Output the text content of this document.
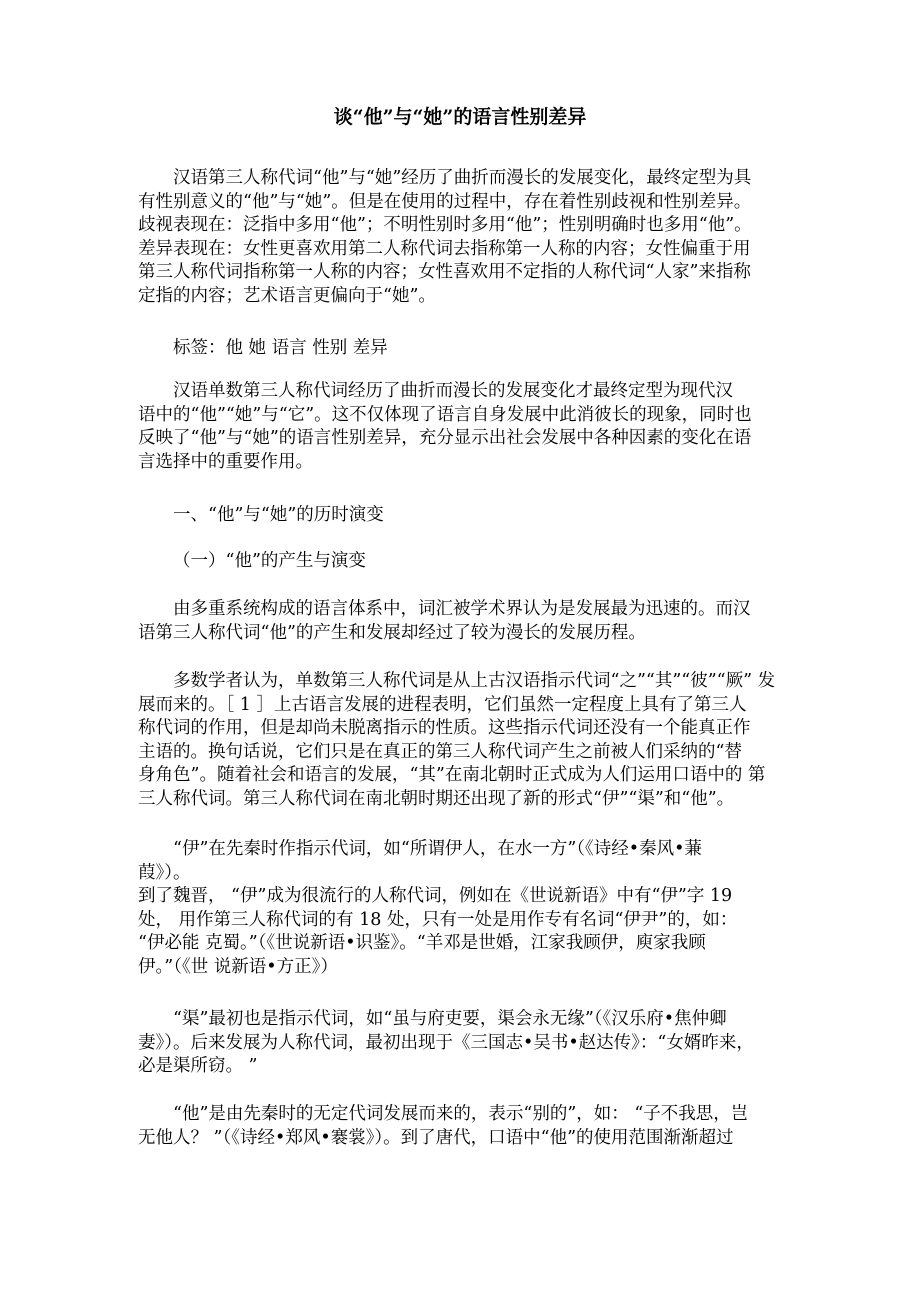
谈“他”与“她”的语言性别差异
汉语第三人称代词“他”与“她”经历了曲折而漫长的发展变化，最终定型为具
有性别意义的“他”与“她”。但是在使用的过程中，存在着性别歧视和性别差异。
歧视表现在：泛指中多用“他”；不明性别时多用“他”；性别明确时也多用“他”。
差异表现在：女性更喜欢用第二人称代词去指称第一人称的内容；女性偏重于用
第三人称代词指称第一人称的内容；女性喜欢用不定指的人称代词“人家”来指称
定指的内容；艺术语言更偏向于“她”。
标签：他 她 语言 性别 差异
汉语单数第三人称代词经历了曲折而漫长的发展变化才最终定型为现代汉
语中的“他”“她”与“它”。这不仅体现了语言自身发展中此消彼长的现象，同时也
反映了“他”与“她”的语言性别差异，充分显示出社会发展中各种因素的变化在语
言选择中的重要作用。
一、“他”与“她”的历时演变
（一）“他”的产生与演变
由多重系统构成的语言体系中，词汇被学术界认为是发展最为迅速的。而汉
语第三人称代词“他”的产生和发展却经过了较为漫长的发展历程。
多数学者认为，单数第三人称代词是从上古汉语指示代词“之”“其”“彼”“厥” 发
展而来的。［ 1 ］上古语言发展的进程表明，它们虽然一定程度上具有了第三人
称代词的作用，但是却尚未脱离指示的性质。这些指示代词还没有一个能真正作
主语的。换句话说，它们只是在真正的第三人称代词产生之前被人们采纳的“替
身角色”。随着社会和语言的发展，“其”在南北朝时正式成为人们运用口语中的 第
三人称代词。第三人称代词在南北朝时期还出现了新的形式“伊”“渠”和“他”。
“伊”在先秦时作指示代词，如“所谓伊人，在水一方”（《诗经•秦风•蒹
葭》）。
到了魏晋， “伊”成为很流行的人称代词，例如在《世说新语》中有“伊”字 19
处， 用作第三人称代词的有 18 处，只有一处是用作专有名词“伊尹”的，如：
“伊必能 克蜀。”（《世说新语•识鉴》。“羊邓是世婚，江家我顾伊，庾家我顾
伊。”（《世 说新语•方正》）
“渠”最初也是指示代词，如“虽与府吏要，渠会永无缘”（《汉乐府•焦仲卿
妻》）。后来发展为人称代词，最初出现于《三国志•吴书•赵达传》：“女婿昨来，
必是渠所窃。 ”
“他”是由先秦时的无定代词发展而来的，表示“别的”，如： “子不我思，岂
无他人？ ”（《诗经•郑风•褰裳》）。到了唐代，口语中“他”的使用范围渐渐超过
